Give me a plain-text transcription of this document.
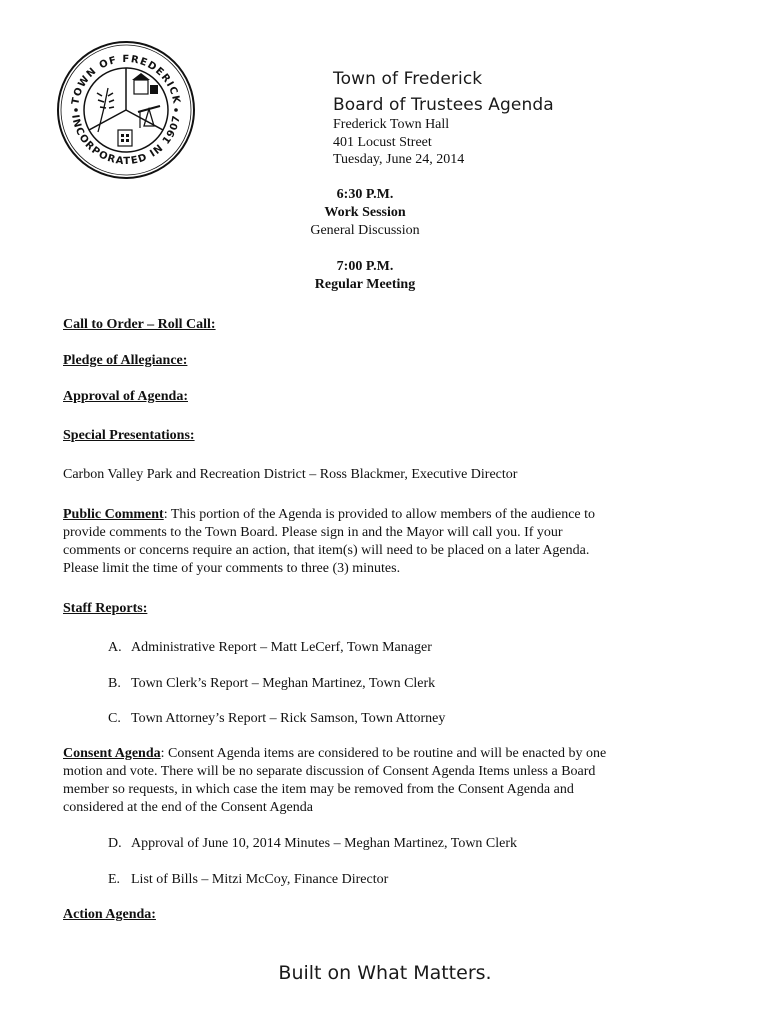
TOWN OF FREDERICK
INCORPORATED IN 1907
Town of Frederick
Board of Trustees Agenda
Frederick Town Hall
401 Locust Street
Tuesday, June 24, 2014
6:30 P.M.
Work Session
General Discussion
7:00 P.M.
Regular Meeting
Call to Order – Roll Call:
Pledge of Allegiance:
Approval of Agenda:
Special Presentations:
Carbon Valley Park and Recreation District – Ross Blackmer, Executive Director
Public Comment: This portion of the Agenda is provided to allow members of the audience to
provide comments to the Town Board. Please sign in and the Mayor will call you. If your
comments or concerns require an action, that item(s) will need to be placed on a later Agenda.
Please limit the time of your comments to three (3) minutes.
Staff Reports:
A. Administrative Report – Matt LeCerf, Town Manager
B. Town Clerk’s Report – Meghan Martinez, Town Clerk
C. Town Attorney’s Report – Rick Samson, Town Attorney
Consent Agenda: Consent Agenda items are considered to be routine and will be enacted by one
motion and vote. There will be no separate discussion of Consent Agenda Items unless a Board
member so requests, in which case the item may be removed from the Consent Agenda and
considered at the end of the Consent Agenda
D. Approval of June 10, 2014 Minutes – Meghan Martinez, Town Clerk
E. List of Bills – Mitzi McCoy, Finance Director
Action Agenda:
Built on What Matters.
